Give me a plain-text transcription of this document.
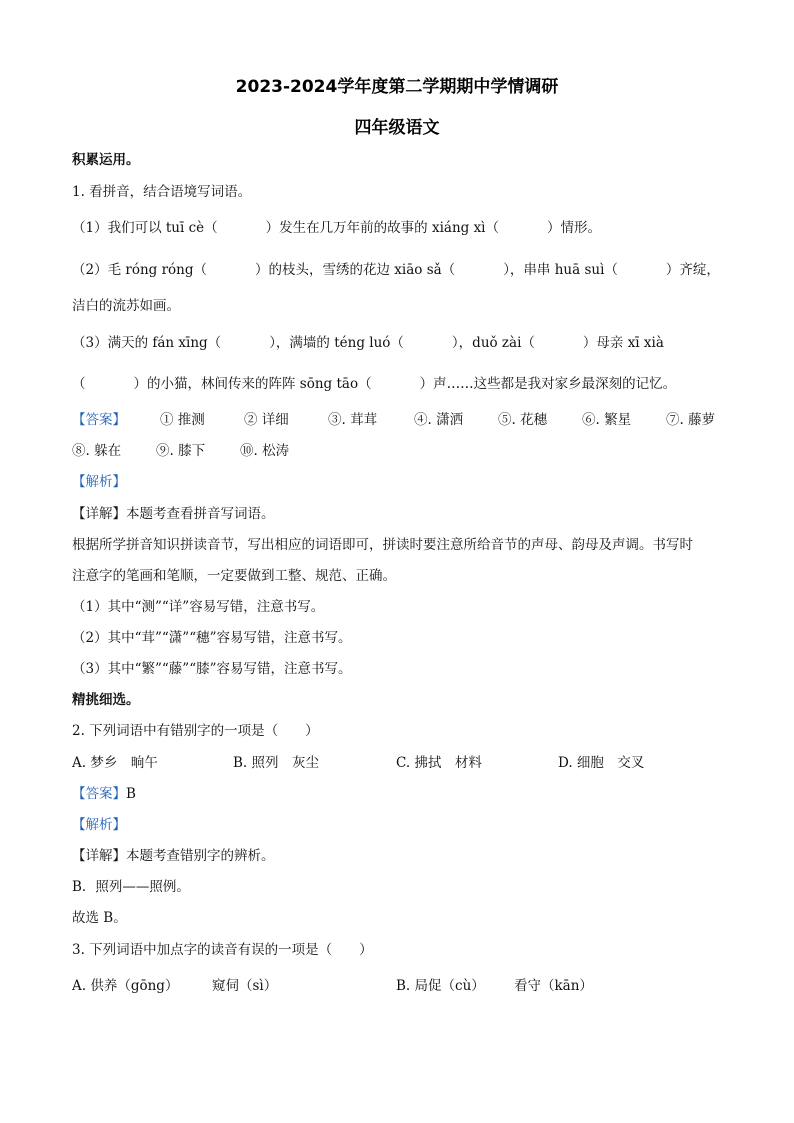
2023-2024学年度第二学期期中学情调研
四年级语文
积累运用。
1. 看拼音，结合语境写词语。
（1）我们可以 tuī cè（	）发生在几万年前的故事的 xiáng xì（	）情形。
（2）毛 róng róng（	）的枝头，雪绣的花边 xiāo sǎ（	），串串 huā suì（	）齐绽，
洁白的流苏如画。
（3）满天的 fán xīng（	），满墙的 téng luó（	），duǒ zài（	）母亲 xī xià
（	）的小猫，林间传来的阵阵 sōng tāo（	）声……这些都是我对家乡最深刻的记忆。
【答案】	① 推测	② 详细	③. 茸茸	④. 潇洒	⑤. 花穗	⑥. 繁星	⑦. 藤萝
⑧. 躲在	⑨. 膝下	⑩. 松涛
【解析】
【详解】本题考查看拼音写词语。
根据所学拼音知识拼读音节，写出相应的词语即可，拼读时要注意所给音节的声母、韵母及声调。书写时
注意字的笔画和笔顺，一定要做到工整、规范、正确。
（1）其中“测”“详”容易写错，注意书写。
（2）其中“茸”“潇”“穗”容易写错，注意书写。
（3）其中“繁”“藤”“膝”容易写错，注意书写。
精挑细选。
2. 下列词语中有错别字的一项是（　　）
A. 梦乡　晌午	B. 照列　灰尘	C. 拂拭　材料	D. 细胞　交叉
【答案】B
【解析】
【详解】本题考查错别字的辨析。
B．照列——照例。
故选 B。
3. 下列词语中加点字的读音有误的一项是（　　）
A. 供养（gōng） 窥伺（sì）	B. 局促（cù） 看守（kān）
